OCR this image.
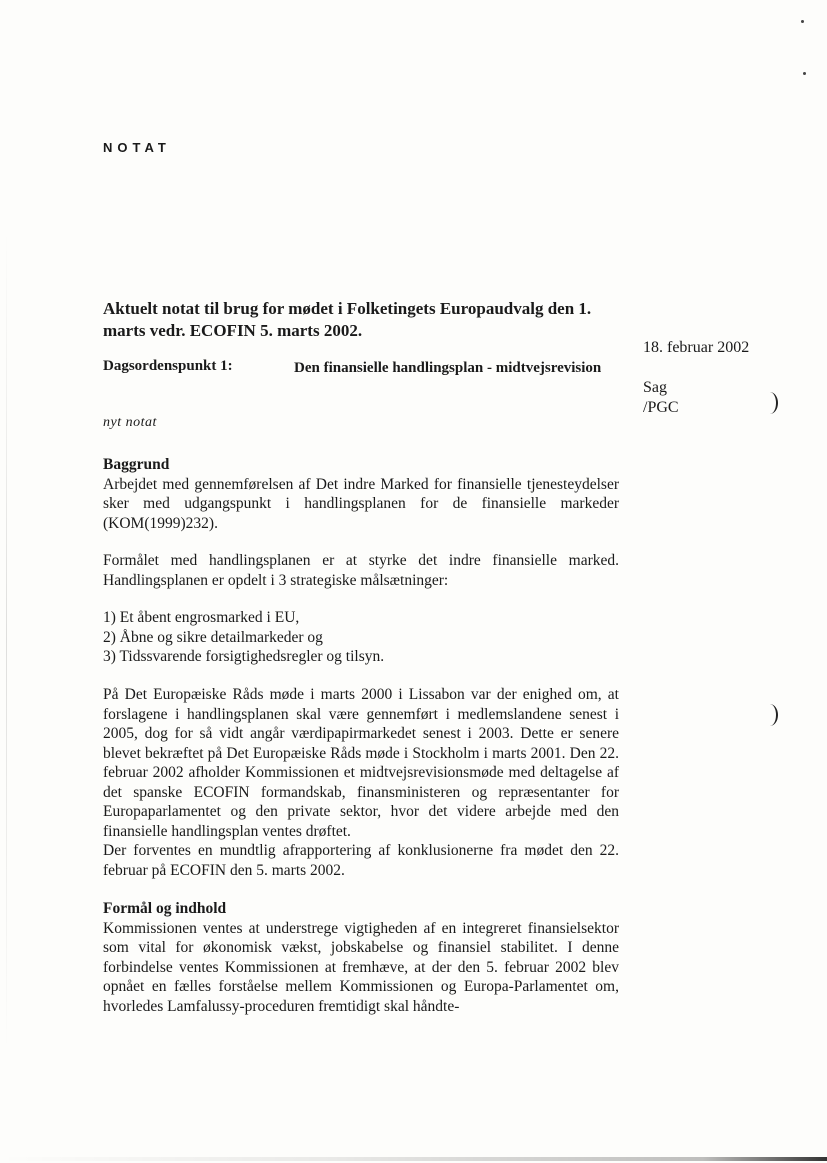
NOTAT
Aktuelt notat til brug for mødet i Folketingets Europaudvalg den 1. marts vedr. ECOFIN 5. marts 2002.
18. februar 2002
Sag
/PGC
Dagsordenspunkt 1:	Den finansielle handlingsplan - midtvejsrevision
nyt notat
Baggrund
Arbejdet med gennemførelsen af Det indre Marked for finansielle tjenesteydelser sker med udgangspunkt i handlingsplanen for de finansielle markeder (KOM(1999)232).
Formålet med handlingsplanen er at styrke det indre finansielle marked. Handlingsplanen er opdelt i 3 strategiske målsætninger:
1) Et åbent engrosmarked i EU,
2) Åbne og sikre detailmarkeder og
3) Tidssvarende forsigtighedsregler og tilsyn.
På Det Europæiske Råds møde i marts 2000 i Lissabon var der enighed om, at forslagene i handlingsplanen skal være gennemført i medlemslandene senest i 2005, dog for så vidt angår værdipapirmarkedet senest i 2003. Dette er senere blevet bekræftet på Det Europæiske Råds møde i Stockholm i marts 2001. Den 22. februar 2002 afholder Kommissionen et midtvejsrevisionsmøde med deltagelse af det spanske ECOFIN formandskab, finansministeren og repræsentanter for Europaparlamentet og den private sektor, hvor det videre arbejde med den finansielle handlingsplan ventes drøftet.
Der forventes en mundtlig afrapportering af konklusionerne fra mødet den 22. februar på ECOFIN den 5. marts 2002.
Formål og indhold
Kommissionen ventes at understrege vigtigheden af en integreret finansielsektor som vital for økonomisk vækst, jobskabelse og finansiel stabilitet. I denne forbindelse ventes Kommissionen at fremhæve, at der den 5. februar 2002 blev opnået en fælles forståelse mellem Kommissionen og Europa-Parlamentet om, hvorledes Lamfalussy-proceduren fremtidigt skal håndte-
